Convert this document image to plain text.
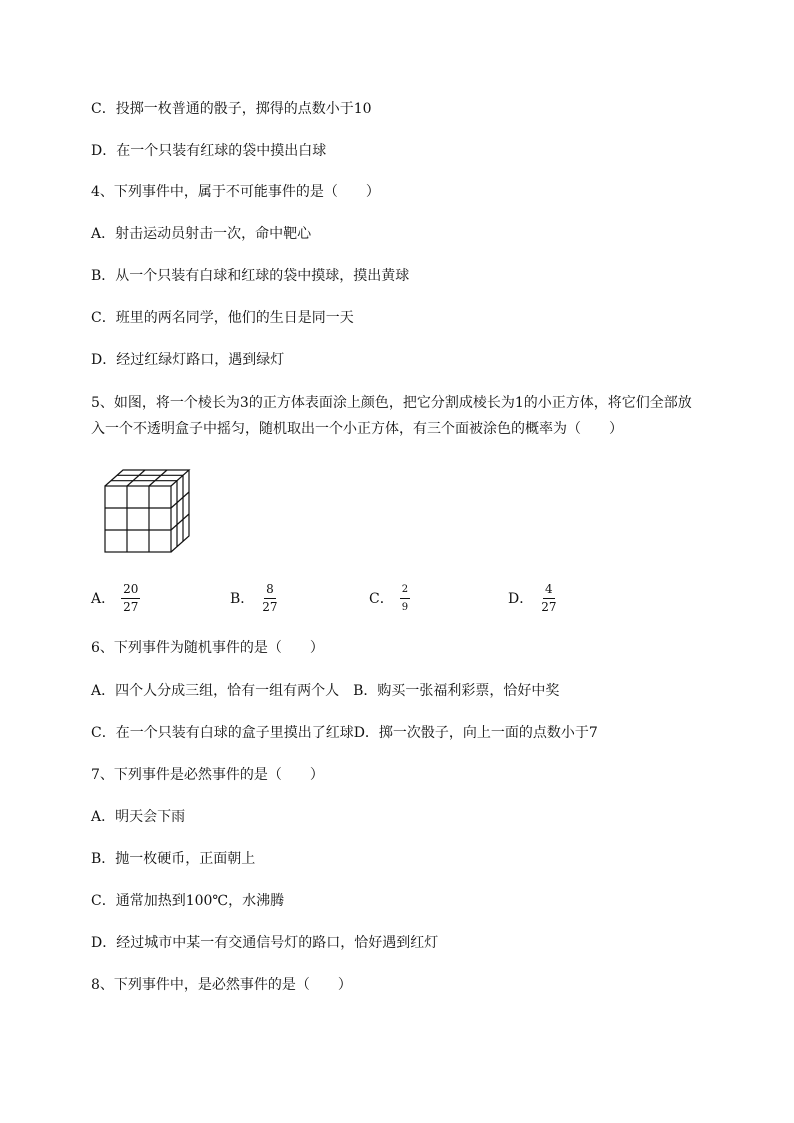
C．投掷一枚普通的骰子，掷得的点数小于10
D．在一个只装有红球的袋中摸出白球
4、下列事件中，属于不可能事件的是（　　）
A．射击运动员射击一次，命中靶心
B．从一个只装有白球和红球的袋中摸球，摸出黄球
C．班里的两名同学，他们的生日是同一天
D．经过红绿灯路口，遇到绿灯
5、如图，将一个棱长为3的正方体表面涂上颜色，把它分割成棱长为1的小正方体，将它们全部放
入一个不透明盒子中摇匀，随机取出一个小正方体，有三个面被涂色的概率为（　　）
A． $\frac{20}{27}$	B． $\frac{8}{27}$	C． $\frac{2}{9}$	D． $\frac{4}{27}$
6、下列事件为随机事件的是（　　）
A．四个人分成三组，恰有一组有两个人　B．购买一张福利彩票，恰好中奖
C．在一个只装有白球的盒子里摸出了红球D．掷一次骰子，向上一面的点数小于7
7、下列事件是必然事件的是（　　）
A．明天会下雨
B．抛一枚硬币，正面朝上
C．通常加热到100℃，水沸腾
D．经过城市中某一有交通信号灯的路口，恰好遇到红灯
8、下列事件中，是必然事件的是（　　）
